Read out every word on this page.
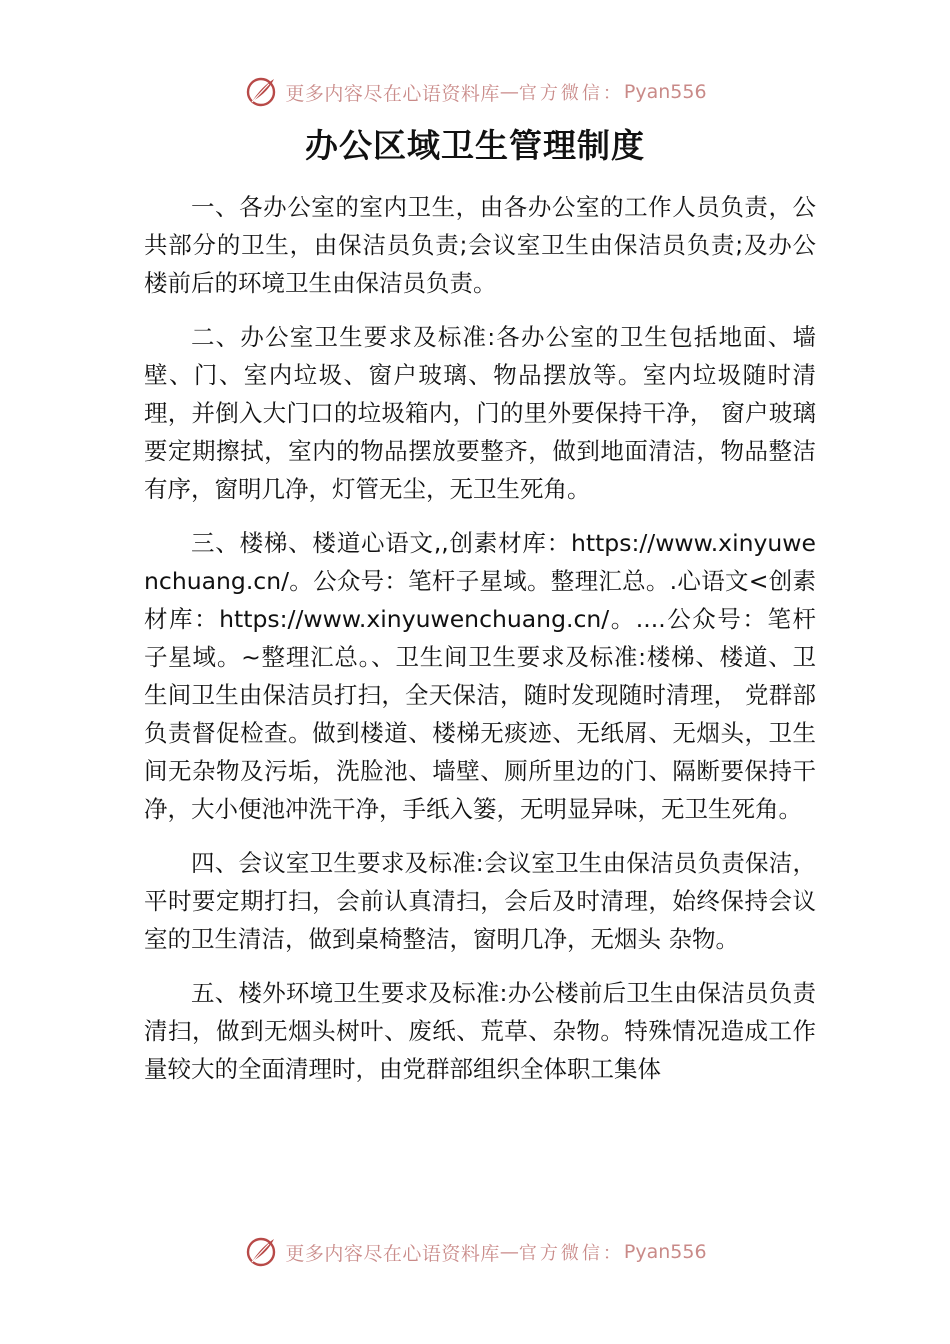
更多内容尽在心语资料库 — 官方微信： Pyan556
办公区域卫生管理制度

一、各办公室的室内卫生，由各办公室的工作人员负责，公共部分的卫生，由保洁员负责;会议室卫生由保洁员负责;及办公楼前后的环境卫生由保洁员负责。

二、办公室卫生要求及标准:各办公室的卫生包括地面、墙壁、门、室内垃圾、窗户玻璃、物品摆放等。室内垃圾随时清理，并倒入大门口的垃圾箱内，门的里外要保持干净， 窗户玻璃要定期擦拭，室内的物品摆放要整齐，做到地面清洁，物品整洁有序，窗明几净，灯管无尘，无卫生死角。

三、楼梯、楼道心语文,,创素材库：https://www.xinyuwenchuang.cn/。公众号：笔杆子星域。整理汇总。.心语文<创素材库：https://www.xinyuwenchuang.cn/。....公众号：笔杆子星域。~整理汇总。、卫生间卫生要求及标准:楼梯、楼道、卫生间卫生由保洁员打扫，全天保洁，随时发现随时清理， 党群部负责督促检查。做到楼道、楼梯无痰迹、无纸屑、无烟头，卫生间无杂物及污垢，洗脸池、墙壁、厕所里边的门、隔断要保持干净，大小便池冲洗干净，手纸入篓，无明显异味，无卫生死角。

四、会议室卫生要求及标准:会议室卫生由保洁员负责保洁，平时要定期打扫，会前认真清扫，会后及时清理，始终保持会议室的卫生清洁，做到桌椅整洁，窗明几净，无烟头 杂物。

五、楼外环境卫生要求及标准:办公楼前后卫生由保洁员负责清扫，做到无烟头树叶、废纸、荒草、杂物。特殊情况造成工作量较大的全面清理时，由党群部组织全体职工集体

更多内容尽在心语资料库 — 官方微信： Pyan556
